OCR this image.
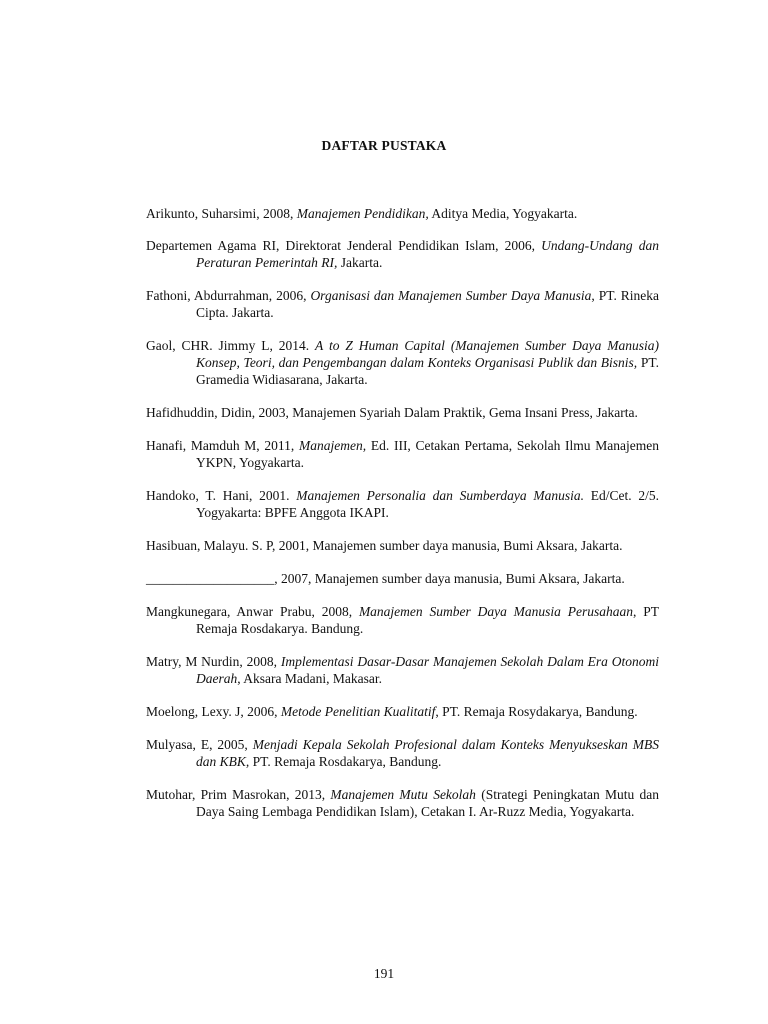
DAFTAR PUSTAKA
Arikunto, Suharsimi, 2008, Manajemen Pendidikan, Aditya Media, Yogyakarta.
Departemen Agama RI, Direktorat Jenderal Pendidikan Islam, 2006, Undang-Undang dan Peraturan Pemerintah RI, Jakarta.
Fathoni, Abdurrahman, 2006, Organisasi dan Manajemen Sumber Daya Manusia, PT. Rineka Cipta. Jakarta.
Gaol, CHR. Jimmy L, 2014. A to Z Human Capital (Manajemen Sumber Daya Manusia) Konsep, Teori, dan Pengembangan dalam Konteks Organisasi Publik dan Bisnis, PT. Gramedia Widiasarana, Jakarta.
Hafidhuddin, Didin, 2003, Manajemen Syariah Dalam Praktik, Gema Insani Press, Jakarta.
Hanafi, Mamduh M, 2011, Manajemen, Ed. III, Cetakan Pertama, Sekolah Ilmu Manajemen YKPN, Yogyakarta.
Handoko, T. Hani, 2001. Manajemen Personalia dan Sumberdaya Manusia. Ed/Cet. 2/5. Yogyakarta: BPFE Anggota IKAPI.
Hasibuan, Malayu. S. P, 2001, Manajemen sumber daya manusia, Bumi Aksara, Jakarta.
___________________, 2007, Manajemen sumber daya manusia, Bumi Aksara, Jakarta.
Mangkunegara, Anwar Prabu, 2008, Manajemen Sumber Daya Manusia Perusahaan, PT Remaja Rosdakarya. Bandung.
Matry, M Nurdin, 2008, Implementasi Dasar-Dasar Manajemen Sekolah Dalam Era Otonomi Daerah, Aksara Madani, Makasar.
Moelong, Lexy. J, 2006, Metode Penelitian Kualitatif, PT. Remaja Rosydakarya, Bandung.
Mulyasa, E, 2005, Menjadi Kepala Sekolah Profesional dalam Konteks Menyukseskan MBS dan KBK, PT. Remaja Rosdakarya, Bandung.
Mutohar, Prim Masrokan, 2013, Manajemen Mutu Sekolah (Strategi Peningkatan Mutu dan Daya Saing Lembaga Pendidikan Islam), Cetakan I. Ar-Ruzz Media, Yogyakarta.
191
